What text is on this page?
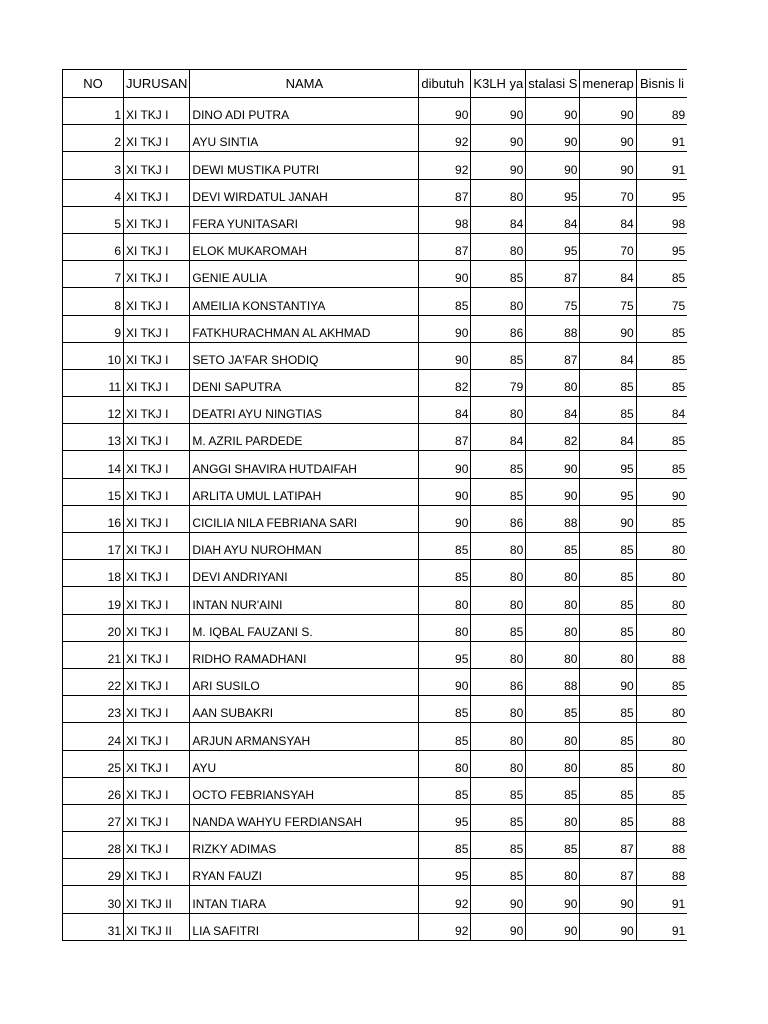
NO	JURUSAN	NAMA	dibutuh	K3LH ya	stalasi S	menerap	Bisnis li
1	XI TKJ I	DINO ADI PUTRA	90	90	90	90	89
2	XI TKJ I	AYU SINTIA	92	90	90	90	91
3	XI TKJ I	DEWI MUSTIKA PUTRI	92	90	90	90	91
4	XI TKJ I	DEVI WIRDATUL JANAH	87	80	95	70	95
5	XI TKJ I	FERA YUNITASARI	98	84	84	84	98
6	XI TKJ I	ELOK MUKAROMAH	87	80	95	70	95
7	XI TKJ I	GENIE AULIA	90	85	87	84	85
8	XI TKJ I	AMEILIA KONSTANTIYA	85	80	75	75	75
9	XI TKJ I	FATKHURACHMAN AL AKHMAD	90	86	88	90	85
10	XI TKJ I	SETO JA'FAR SHODIQ	90	85	87	84	85
11	XI TKJ I	DENI SAPUTRA	82	79	80	85	85
12	XI TKJ I	DEATRI AYU NINGTIAS	84	80	84	85	84
13	XI TKJ I	M. AZRIL PARDEDE	87	84	82	84	85
14	XI TKJ I	ANGGI SHAVIRA HUTDAIFAH	90	85	90	95	85
15	XI TKJ I	ARLITA UMUL LATIPAH	90	85	90	95	90
16	XI TKJ I	CICILIA NILA FEBRIANA SARI	90	86	88	90	85
17	XI TKJ I	DIAH AYU NUROHMAN	85	80	85	85	80
18	XI TKJ I	DEVI ANDRIYANI	85	80	80	85	80
19	XI TKJ I	INTAN NUR'AINI	80	80	80	85	80
20	XI TKJ I	M. IQBAL FAUZANI S.	80	85	80	85	80
21	XI TKJ I	RIDHO RAMADHANI	95	80	80	80	88
22	XI TKJ I	ARI SUSILO	90	86	88	90	85
23	XI TKJ I	AAN SUBAKRI	85	80	85	85	80
24	XI TKJ I	ARJUN ARMANSYAH	85	80	80	85	80
25	XI TKJ I	AYU	80	80	80	85	80
26	XI TKJ I	OCTO FEBRIANSYAH	85	85	85	85	85
27	XI TKJ I	NANDA WAHYU FERDIANSAH	95	85	80	85	88
28	XI TKJ I	RIZKY ADIMAS	85	85	85	87	88
29	XI TKJ I	RYAN FAUZI	95	85	80	87	88
30	XI TKJ II	INTAN TIARA	92	90	90	90	91
31	XI TKJ II	LIA SAFITRI	92	90	90	90	91
